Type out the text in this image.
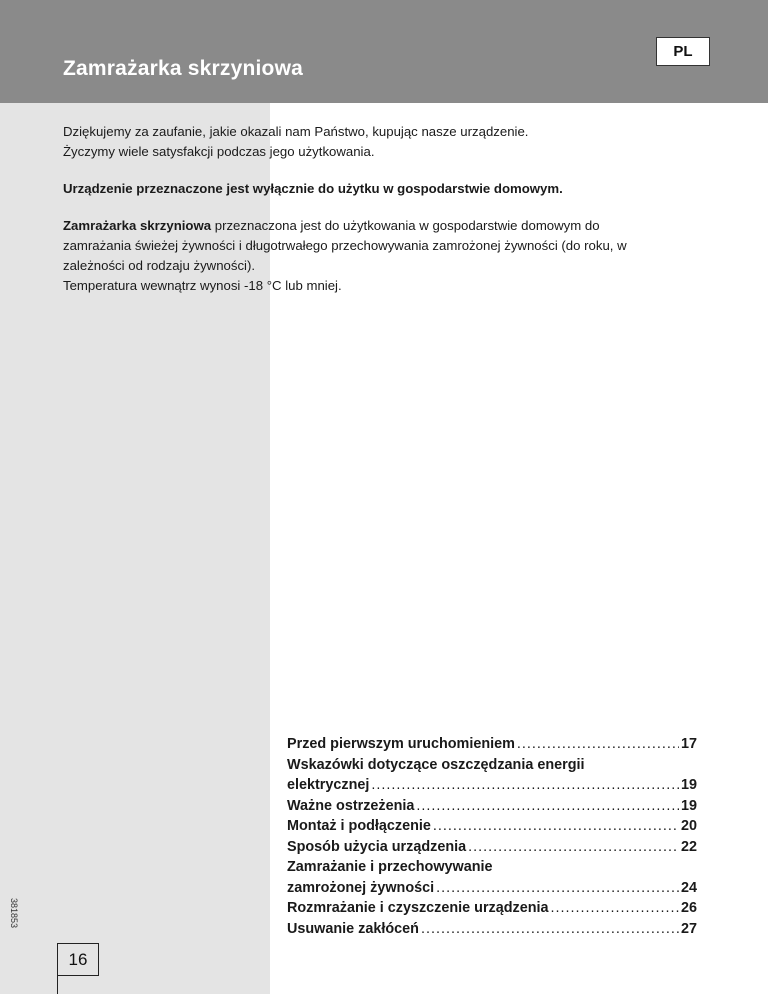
Zamrażarka skrzyniowa
PL

Dziękujemy za zaufanie, jakie okazali nam Państwo, kupując nasze urządzenie.

Życzymy wiele satysfakcji podczas jego użytkowania.

Urządzenie przeznaczone jest wyłącznie do użytku w gospodarstwie domowym.

Zamrażarka skrzyniowa przeznaczona jest do użytkowania w gospodarstwie domowym do

zamrażania świeżej żywności i długotrwałego przechowywania zamrożonej żywności (do roku, w

zależności od rodzaju żywności).

Temperatura wewnątrz wynosi -18 °C lub mniej.

Przed pierwszym uruchomieniem .....	17
Wskazówki dotyczące oszczędzania energii
elektrycznej .....	19
Ważne ostrzeżenia .....	19
Montaż i podłączenie .....	20
Sposób użycia urządzenia .....	22
Zamrażanie i przechowywanie
zamrożonej żywności .....	24
Rozmrażanie i czyszczenie urządzenia .....	26
Usuwanie zakłóceń .....	27
381853
16
